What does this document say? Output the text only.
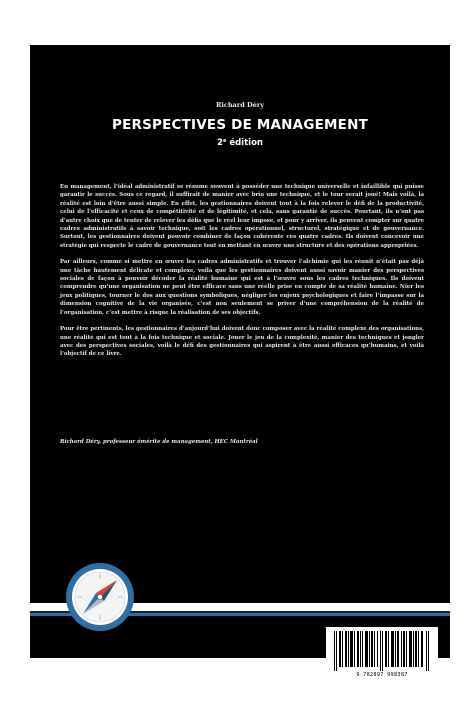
Richard Déry
PERSPECTIVES DE MANAGEMENT
2e édition

En management, l’idéal administratif se résume souvent à posséder une technique universelle et infaillible qui puisse garantir le succès. Sous ce regard, il suffirait de manier avec brio une technique, et le tour serait joué! Mais voilà, la réalité est loin d’être aussi simple. En effet, les gestionnaires doivent tout à la fois relever le défi de la productivité, celui de l’efficacité et ceux de compétitivité et de légitimité, et cela, sans garantie de succès. Pourtant, ils n’ont pas d’autre choix que de tenter de relever les défis que le réel leur impose, et pour y arriver, ils peuvent compter sur quatre cadres administratifs à savoir technique, soit les cadres opérationnel, structurel, stratégique et de gouvernance. Surtout, les gestionnaires doivent pouvoir combiner de façon cohérente ces quatre cadres. Ils doivent concevoir une stratégie qui respecte le cadre de gouvernance tout en mettant en œuvre une structure et des opérations appropriées.

Par ailleurs, comme si mettre en œuvre les cadres administratifs et trouver l’alchimie qui les réunit n’était pas déjà une tâche hautement délicate et complexe, voilà que les gestionnaires doivent aussi savoir manier des perspectives sociales de façon à pouvoir décoder la réalité humaine qui est à l’œuvre sous les cadres techniques. Ils doivent comprendre qu’une organisation ne peut être efficace sans une réelle prise en compte de sa réalité humaine. Nier les jeux politiques, tourner le dos aux questions symboliques, négliger les enjeux psychologiques et faire l’impasse sur la dimension cognitive de la vie organisée, c’est non seulement se priver d’une compréhension de la réalité de l’organisation, c’est mettre à risque la réalisation de ses objectifs.

Pour être pertinents, les gestionnaires d’aujourd’hui doivent donc composer avec la réalité complexe des organisations, une réalité qui est tout à la fois technique et sociale. Jouer le jeu de la complexité, manier des techniques et jongler avec des perspectives sociales, voilà le défi des gestionnaires qui aspirent à être aussi efficaces qu’humains, et voilà l’objectif de ce livre.

Richard Déry, professeur émérite de management, HEC Montréal
9 782897 998387
